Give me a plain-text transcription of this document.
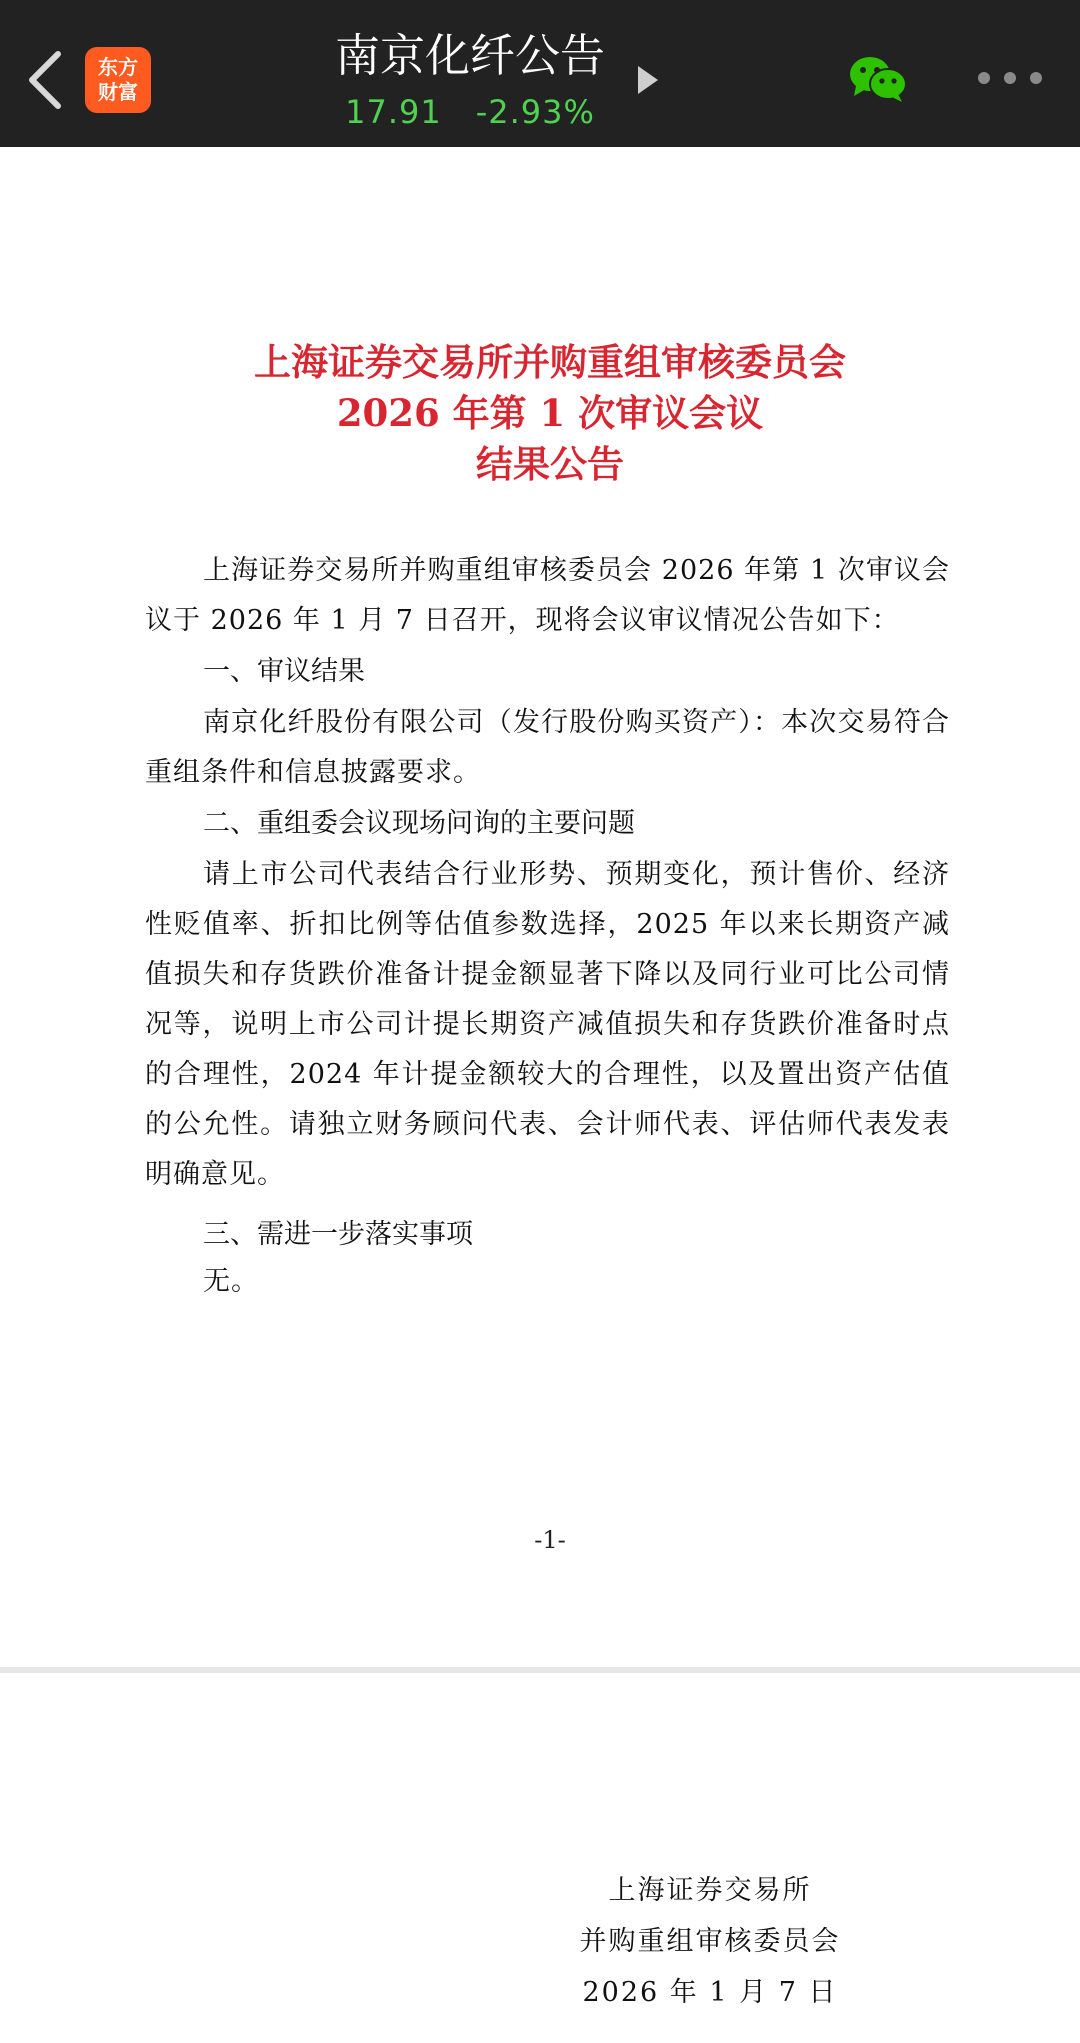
东方
财富
南京化纤公告
17.91 -2.93%
上海证券交易所并购重组审核委员会
2026 年第 1 次审议会议
结果公告
上海证券交易所并购重组审核委员会 2026 年第 1 次审议会议于 2026 年 1 月 7 日召开，现将会议审议情况公告如下：
一、审议结果
南京化纤股份有限公司（发行股份购买资产）：本次交易符合重组条件和信息披露要求。
二、重组委会议现场问询的主要问题
请上市公司代表结合行业形势、预期变化，预计售价、经济性贬值率、折扣比例等估值参数选择，2025 年以来长期资产减值损失和存货跌价准备计提金额显著下降以及同行业可比公司情况等，说明上市公司计提长期资产减值损失和存货跌价准备时点的合理性，2024 年计提金额较大的合理性，以及置出资产估值的公允性。请独立财务顾问代表、会计师代表、评估师代表发表明确意见。
三、需进一步落实事项
无。
-1-
上海证券交易所
并购重组审核委员会
2026 年 1 月 7 日
